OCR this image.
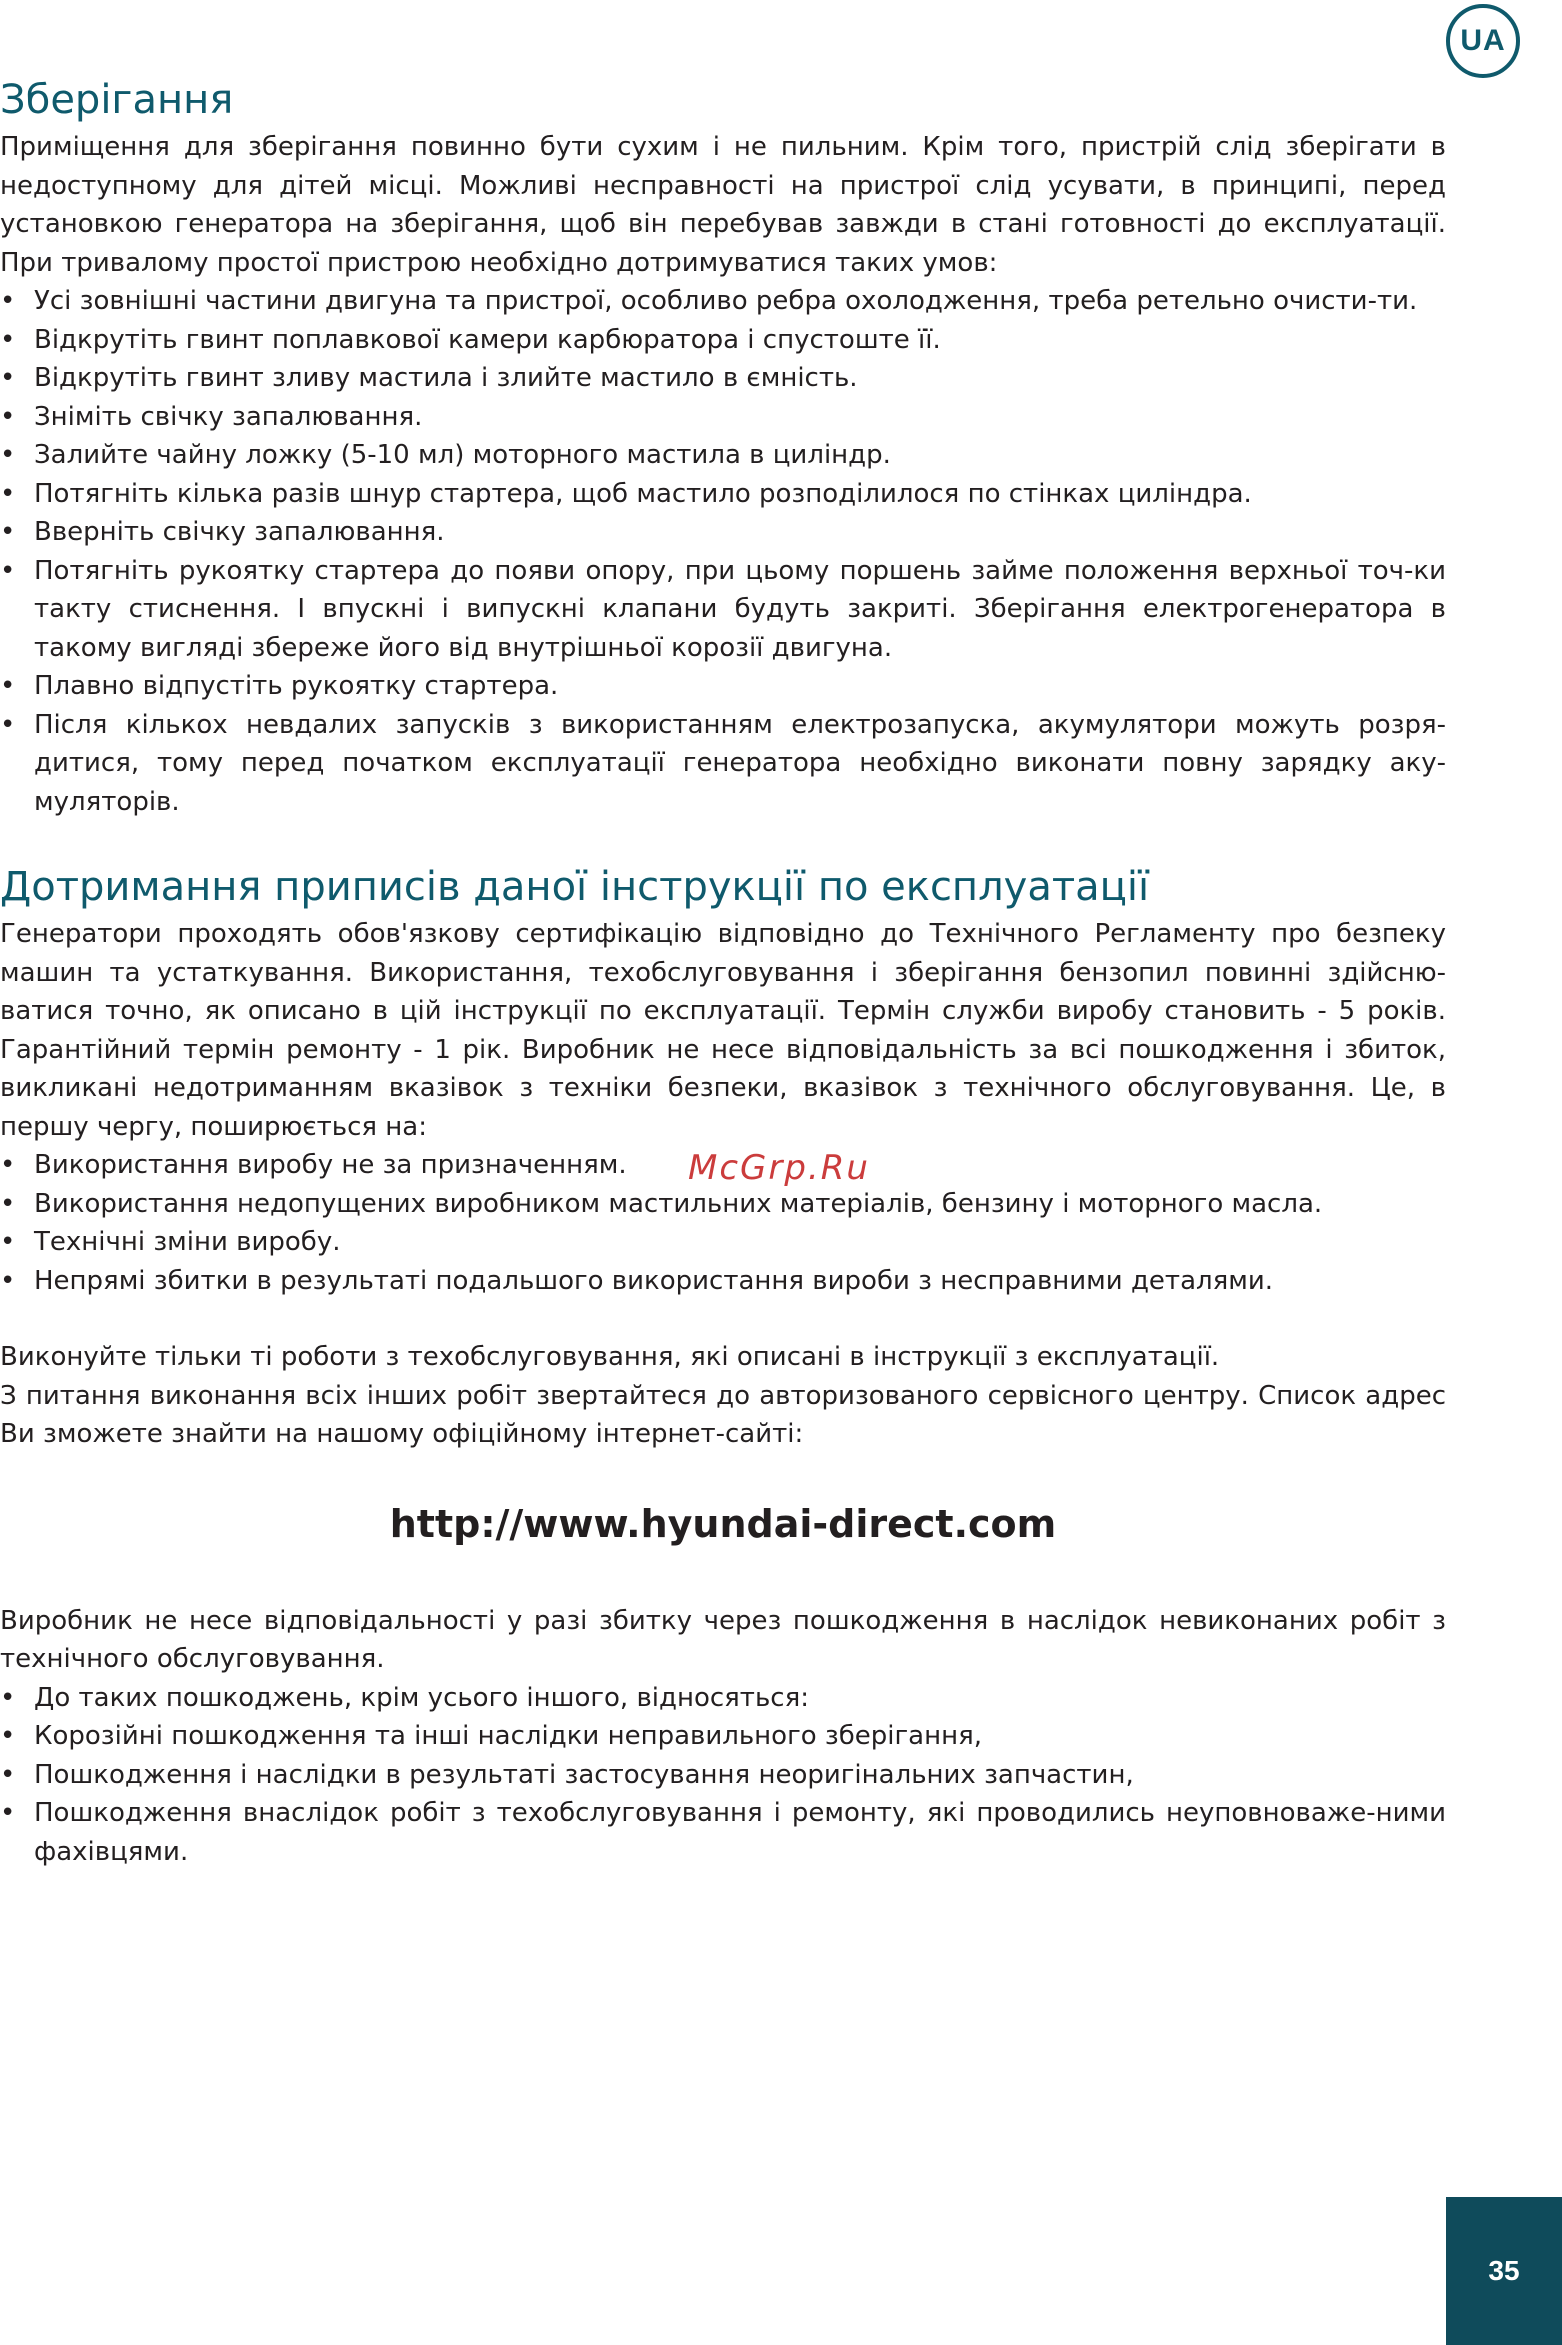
UA
Зберігання

Приміщення для зберігання повинно бути сухим і не пильним. Крім того, пристрій слід зберігати в недоступному для дітей місці. Можливі несправності на пристрої слід усувати, в принципі, перед установкою генератора на зберігання, щоб він перебував завжди в стані готовності до експлуатації. При тривалому простої пристрою необхідно дотримуватися таких умов:

• Усі зовнішні частини двигуна та пристрої, особливо ребра охолодження, треба ретельно очисти-ти.
• Відкрутіть гвинт поплавкової камери карбюратора і спустоште її.
• Відкрутіть гвинт зливу мастила і злийте мастило в ємність.
• Зніміть свічку запалювання.
• Залийте чайну ложку (5-10 мл) моторного мастила в циліндр.
• Потягніть кілька разів шнур стартера, щоб мастило розподілилося по стінках циліндра.
• Вверніть свічку запалювання.
• Потягніть рукоятку стартера до появи опору, при цьому поршень займе положення верхньої точ-ки такту стиснення. І впускні і випускні клапани будуть закриті. Зберігання електрогенератора в такому вигляді збереже його від внутрішньої корозії двигуна.
• Плавно відпустіть рукоятку стартера.
• Після кількох невдалих запусків з використанням електрозапуска, акумулятори можуть розря-дитися, тому перед початком експлуатації генератора необхідно виконати повну зарядку аку-муляторів.
Дотримання приписів даної інструкції по експлуатації

Генератори проходять обов'язкову сертифікацію відповідно до Технічного Регламенту про безпеку машин та устаткування. Використання, техобслуговування і зберігання бензопил повинні здійсню-ватися точно, як описано в цій інструкції по експлуатації. Термін служби виробу становить - 5 років. Гарантійний термін ремонту - 1 рік. Виробник не несе відповідальність за всі пошкодження і збиток, викликані недотриманням вказівок з техніки безпеки, вказівок з технічного обслуговування. Це, в першу чергу, поширюється на:

• Використання виробу не за призначенням.
• Використання недопущених виробником мастильних матеріалів, бензину і моторного масла.
• Технічні зміни виробу.
• Непрямі збитки в результаті подальшого використання вироби з несправними деталями.

Виконуйте тільки ті роботи з техобслуговування, які описані в інструкції з експлуатації.

З питання виконання всіх інших робіт звертайтеся до авторизованого сервісного центру. Список адрес Ви зможете знайти на нашому офіційному інтернет-сайті:

http://www.hyundai-direct.com

Виробник не несе відповідальності у разі збитку через пошкодження в наслідок невиконаних робіт з технічного обслуговування.

• До таких пошкоджень, крім усього іншого, відносяться:
• Корозійні пошкодження та інші наслідки неправильного зберігання,
• Пошкодження і наслідки в результаті застосування неоригінальних запчастин,
• Пошкодження внаслідок робіт з техобслуговування і ремонту, які проводились неуповноваже-ними фахівцями.
McGrp.Ru
35
